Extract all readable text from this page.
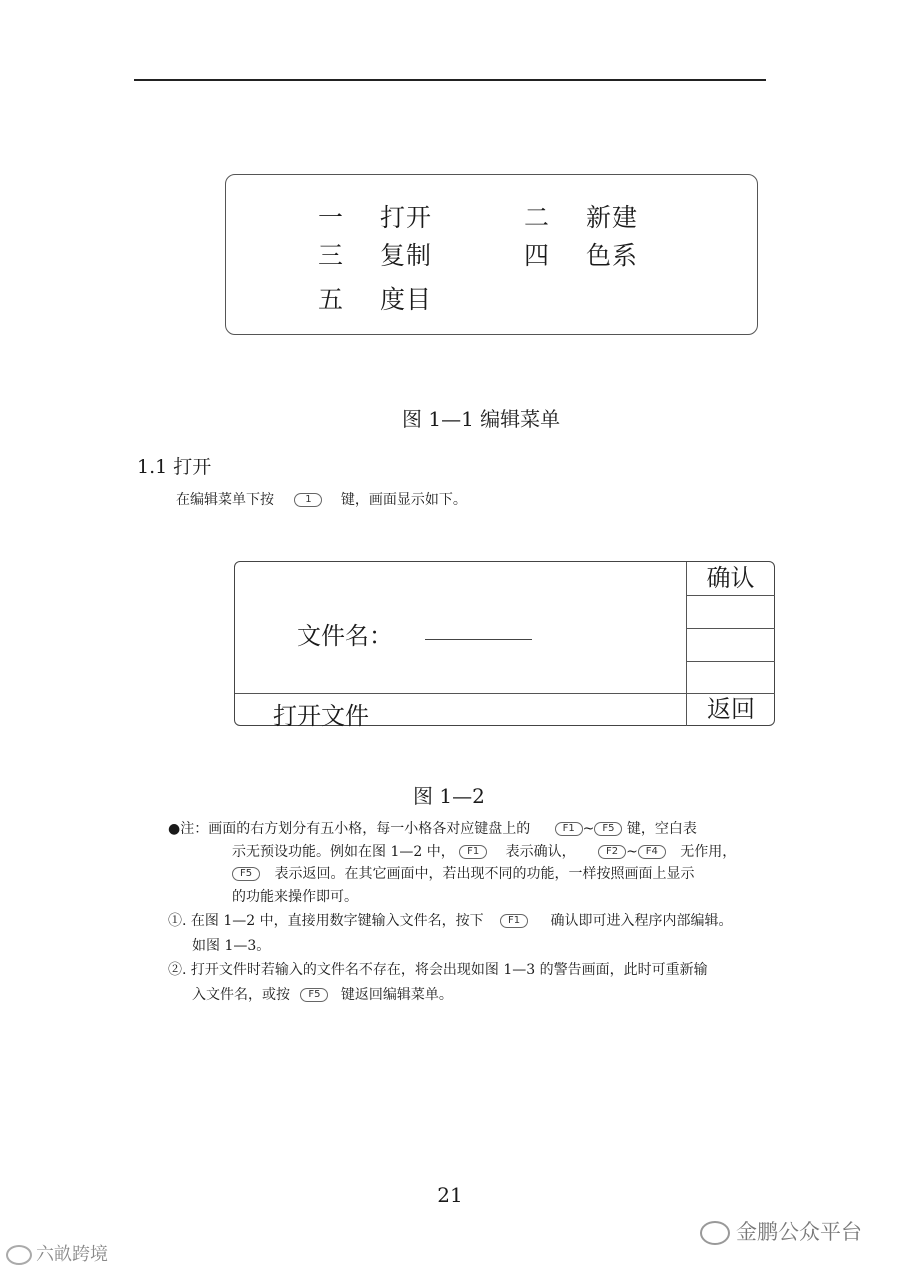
一 打开	二 新建
三 复制	四 色系
五 度目
图 1—1 编辑菜单
1.1 打开
在编辑菜单下按	1 键，画面显示如下。
文件名：
确认
打开文件	返回
图 1—2
●注：画面的右方划分有五小格，每一小格各对应键盘上的	F1 ~ F5 键，空白表
示无预设功能。例如在图 1—2 中， F1 表示确认，	F2 ~ F4 无作用，
F5 表示返回。在其它画面中，若出现不同的功能，一样按照画面上显示
的功能来操作即可。
①. 在图 1—2 中，直接用数字键输入文件名，按下 F1 确认即可进入程序内部编辑。
如图 1—3。
②. 打开文件时若输入的文件名不存在，将会出现如图 1—3 的警告画面，此时可重新输
入文件名，或按 F5 键返回编辑菜单。
21
六畝跨境
金鹏公众平台
